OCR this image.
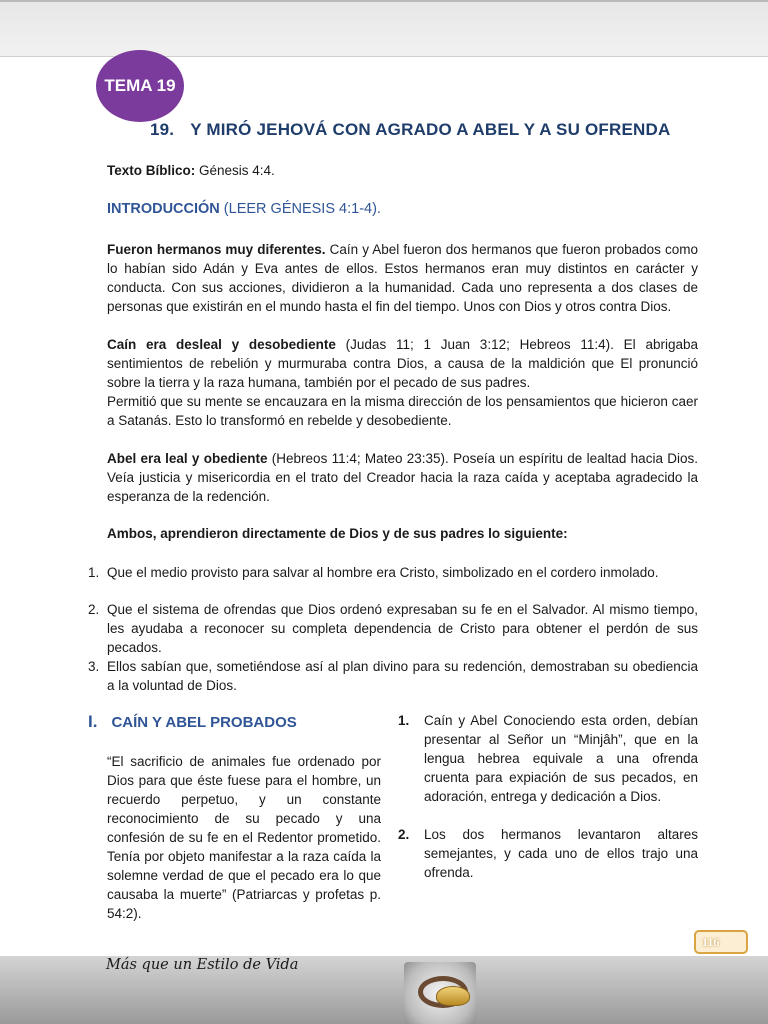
TEMA 19
19. Y MIRÓ JEHOVÁ CON AGRADO A ABEL Y A SU OFRENDA
Texto Bíblico: Génesis 4:4.
INTRODUCCIÓN (LEER GÉNESIS 4:1-4).
Fueron hermanos muy diferentes. Caín y Abel fueron dos hermanos que fueron probados como lo habían sido Adán y Eva antes de ellos. Estos hermanos eran muy distintos en carácter y conducta. Con sus acciones, dividieron a la humanidad. Cada uno representa a dos clases de personas que existirán en el mundo hasta el fin del tiempo. Unos con Dios y otros contra Dios.
Caín era desleal y desobediente (Judas 11; 1 Juan 3:12; Hebreos 11:4). El abrigaba sentimientos de rebelión y murmuraba contra Dios, a causa de la maldición que El pronunció sobre la tierra y la raza humana, también por el pecado de sus padres.
Permitió que su mente se encauzara en la misma dirección de los pensamientos que hicieron caer a Satanás. Esto lo transformó en rebelde y desobediente.
Abel era leal y obediente (Hebreos 11:4; Mateo 23:35). Poseía un espíritu de lealtad hacia Dios. Veía justicia y misericordia en el trato del Creador hacia la raza caída y aceptaba agradecido la esperanza de la redención.
Ambos, aprendieron directamente de Dios y de sus padres lo siguiente:
1. Que el medio provisto para salvar al hombre era Cristo, simbolizado en el cordero inmolado.
2. Que el sistema de ofrendas que Dios ordenó expresaban su fe en el Salvador. Al mismo tiempo, les ayudaba a reconocer su completa dependencia de Cristo para obtener el perdón de sus pecados.
3. Ellos sabían que, sometiéndose así al plan divino para su redención, demostraban su obediencia a la voluntad de Dios.
I. CAÍN Y ABEL PROBADOS
“El sacrificio de animales fue ordenado por Dios para que éste fuese para el hombre, un recuerdo perpetuo, y un constante reconocimiento de su pecado y una confesión de su fe en el Redentor prometido. Tenía por objeto manifestar a la raza caída la solemne verdad de que el pecado era lo que causaba la muerte” (Patriarcas y profetas p. 54:2).
1.	Caín y Abel Conociendo esta orden, debían presentar al Señor un “Minjâh”, que en la lengua hebrea equivale a una ofrenda cruenta para expiación de sus pecados, en adoración, entrega y dedicación a Dios.
2.	Los dos hermanos levantaron altares semejantes, y cada uno de ellos trajo una ofrenda.
116
Más que un Estilo de Vida
